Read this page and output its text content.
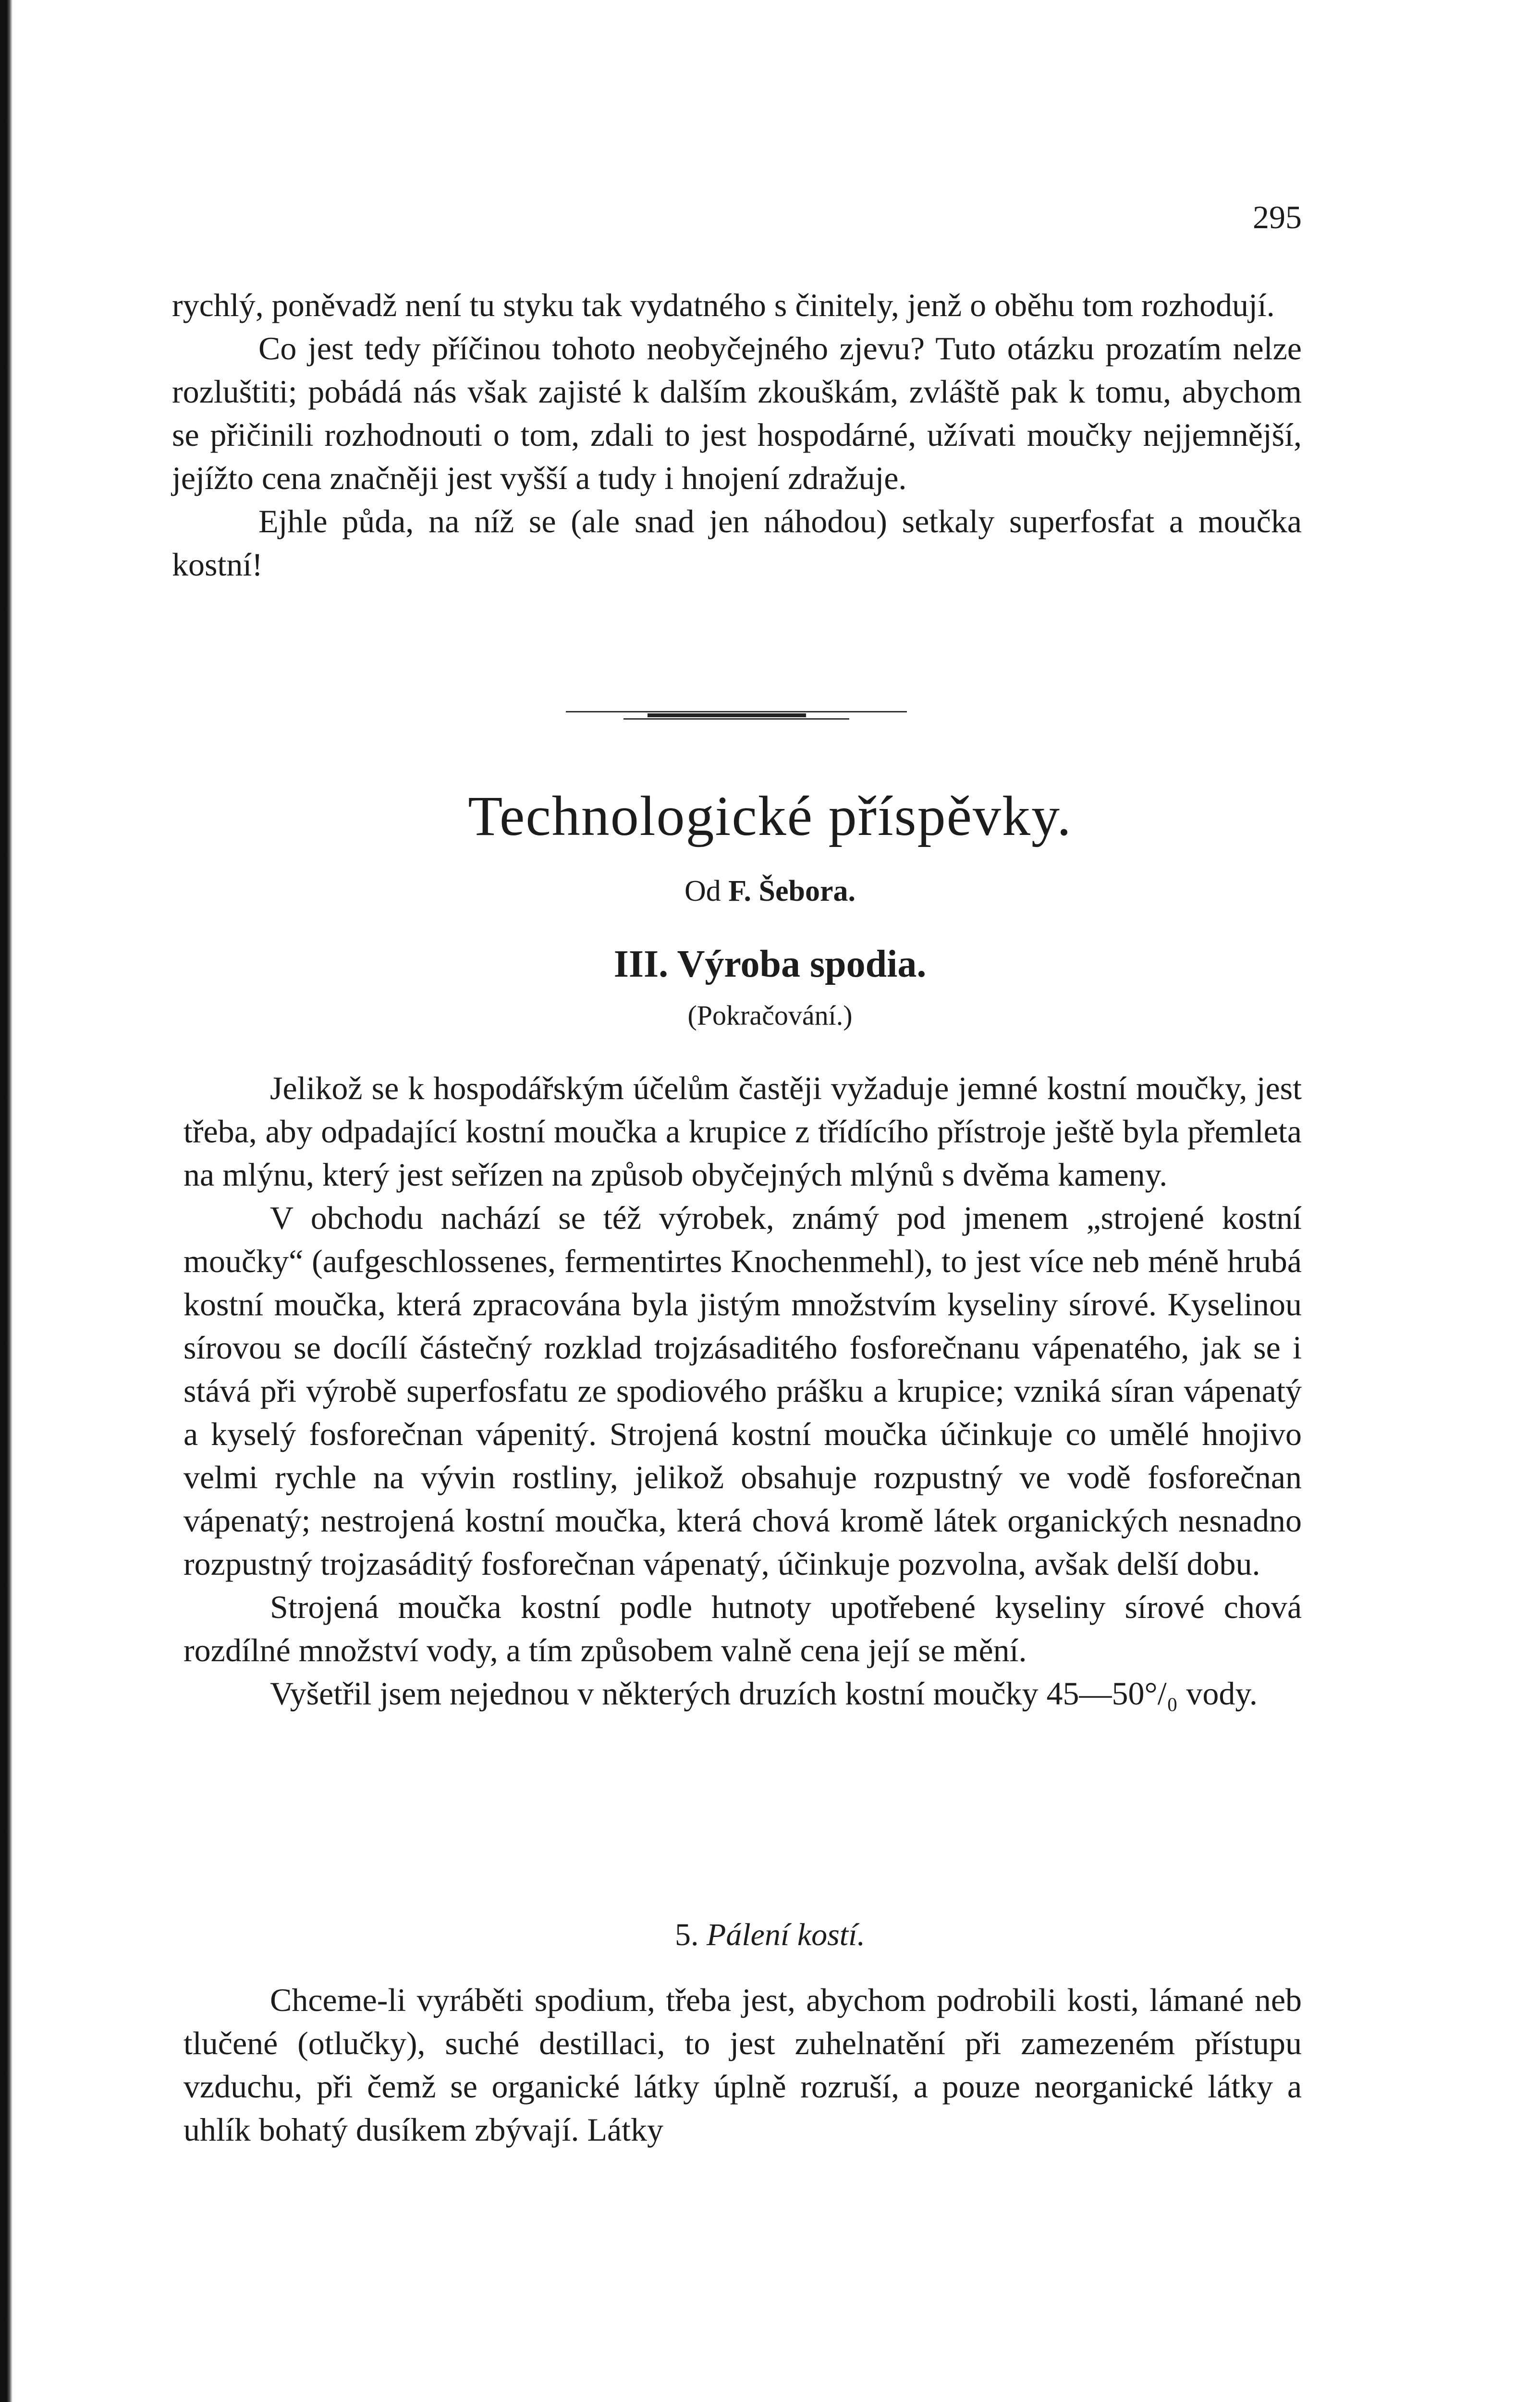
295

rychlý, poněvadž není tu styku tak vydatného s činitely, jenž o oběhu tom rozhodují.

Co jest tedy příčinou tohoto neobyčejného zjevu? Tuto otázku prozatím nelze rozluštiti; pobádá nás však zajisté k dalším zkouškám, zvláště pak k tomu, abychom se přičinili rozhodnouti o tom, zdali to jest hospodárné, užívati moučky nejjemnější, jejížto cena značněji jest vyšší a tudy i hnojení zdražuje.

Ejhle půda, na níž se (ale snad jen náhodou) setkaly superfosfat a moučka kostní!

Technologické příspěvky.
Od F. Šebora.
III. Výroba spodia.
(Pokračování.)

Jelikož se k hospodářským účelům častěji vyžaduje jemné kostní moučky, jest třeba, aby odpadající kostní moučka a krupice z třídícího přístroje ještě byla přemleta na mlýnu, který jest seřízen na způsob obyčejných mlýnů s dvěma kameny.

V obchodu nachází se též výrobek, známý pod jmenem „strojené kostní moučky“ (aufgeschlossenes, fermentirtes Knochenmehl), to jest více neb méně hrubá kostní moučka, která zpracována byla jistým množstvím kyseliny sírové. Kyselinou sírovou se docílí částečný rozklad trojzásaditého fosforečnanu vápenatého, jak se i stává při výrobě superfosfatu ze spodiového prášku a krupice; vzniká síran vápenatý a kyselý fosforečnan vápenitý. Strojená kostní moučka účinkuje co umělé hnojivo velmi rychle na vývin rostliny, jelikož obsahuje rozpustný ve vodě fosforečnan vápenatý; nestrojená kostní moučka, která chová kromě látek organických nesnadno rozpustný trojzasáditý fosforečnan vápenatý, účinkuje pozvolna, avšak delší dobu.

Strojená moučka kostní podle hutnoty upotřebené kyseliny sírové chová rozdílné množství vody, a tím způsobem valně cena její se mění.

Vyšetřil jsem nejednou v některých druzích kostní moučky 45—50°/₀ vody.

5. Pálení kostí.

Chceme-li vyráběti spodium, třeba jest, abychom podrobili kosti, lámané neb tlučené (otlučky), suché destillaci, to jest zuhelnatění při zamezeném přístupu vzduchu, při čemž se organické látky úplně rozruší, a pouze neorganické látky a uhlík bohatý dusíkem zbývají. Látky
